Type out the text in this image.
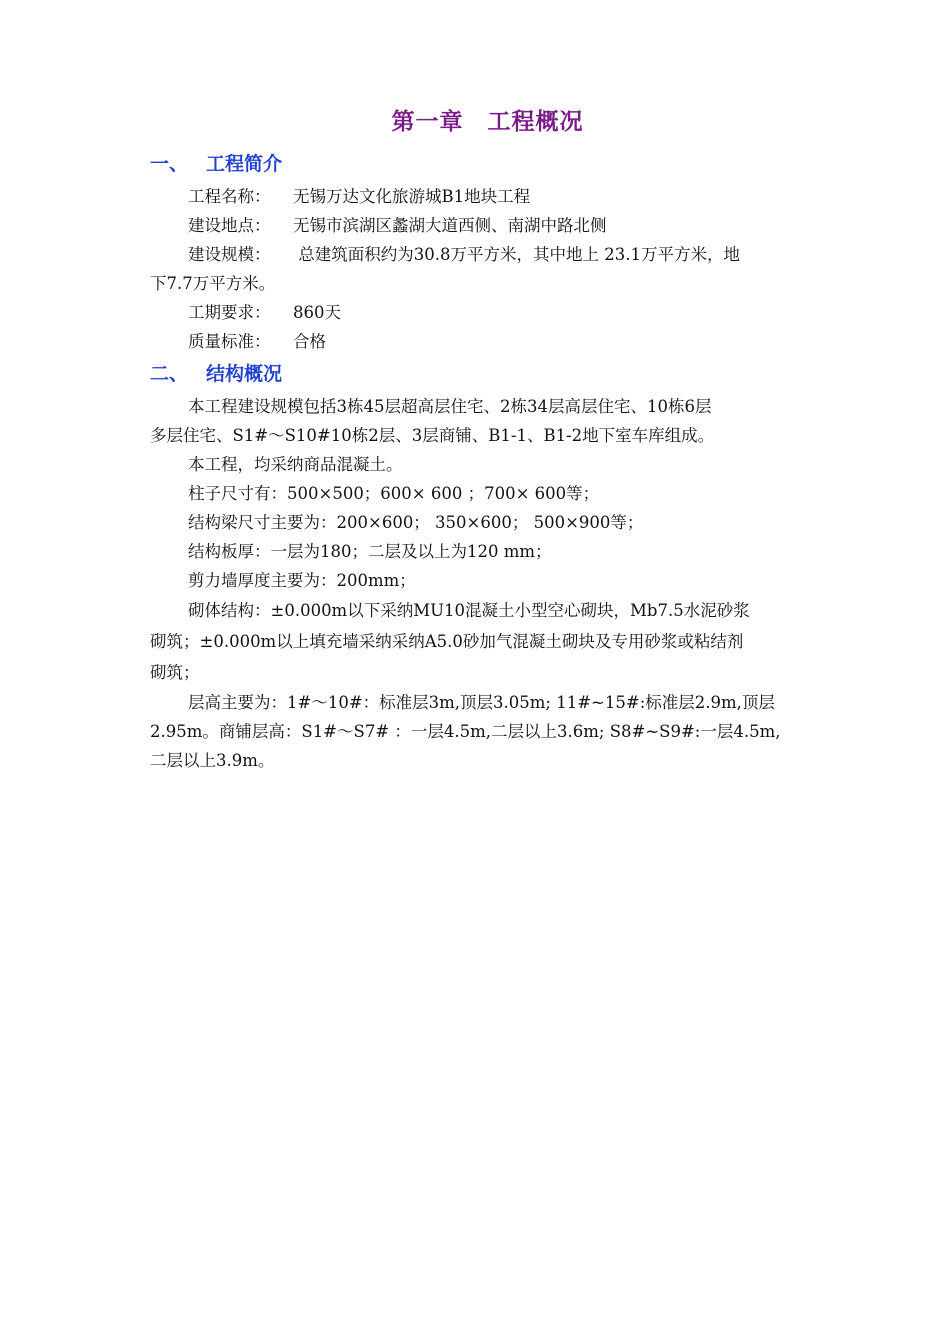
第一章 工程概况
一、 工程简介
工程名称： 无锡万达文化旅游城B1地块工程
建设地点： 无锡市滨湖区蠡湖大道西侧、南湖中路北侧
建设规模： 总建筑面积约为30.8万平方米，其中地上 23.1万平方米，地
下7.7万平方米。
工期要求： 860天
质量标准： 合格
二、 结构概况
本工程建设规模包括3栋45层超高层住宅、2栋34层高层住宅、10栋6层
多层住宅、S1#～S10#10栋2层、3层商铺、B1-1、B1-2地下室车库组成。
本工程，均采纳商品混凝土。
柱子尺寸有：500×500；600× 600 ；700× 600等；
结构梁尺寸主要为：200×600； 350×600； 500×900等；
结构板厚：一层为180；二层及以上为120 mm；
剪力墙厚度主要为：200mm；
砌体结构：±0.000m以下采纳MU10混凝土小型空心砌块，Mb7.5水泥砂浆
砌筑；±0.000m以上填充墙采纳采纳A5.0砂加气混凝土砌块及专用砂浆或粘结剂
砌筑；
层高主要为：1#～10#：标准层3m,顶层3.05m; 11#~15#:标准层2.9m,顶层
2.95m。商铺层高：S1#～S7# ：一层4.5m,二层以上3.6m; S8#~S9#:一层4.5m,
二层以上3.9m。
